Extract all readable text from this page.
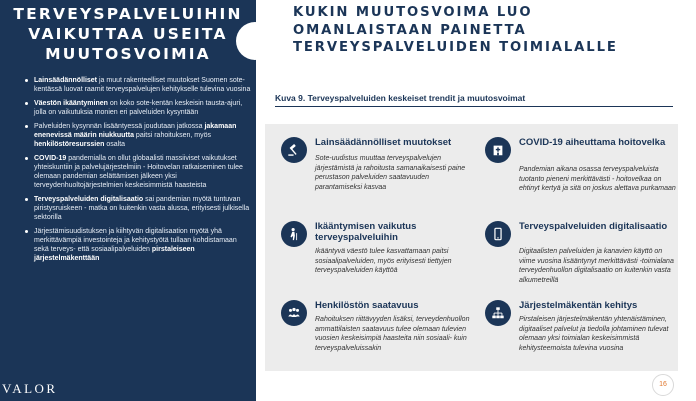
TERVEYSPALVELUIHIN
VAIKUTTAA USEITA
MUUTOSVOIMIA
Lainsäädännölliset ja muut rakenteelliset muutokset Suomen sote-kentässä luovat raamit terveyspalvelujen kehitykselle tulevina vuosina
Väestön ikääntyminen on koko sote-kentän keskeisin tausta-ajuri, jolla on vaikutuksia monien eri palveluiden kysyntään
Palveluiden kysynnän lisääntyessä joudutaan jatkossa jakamaan enenevissä määrin niukkuutta paitsi rahoituksen, myös henkilöstöresurssien osalta
COVID-19 pandemialla on ollut globaalisti massiiviset vaikutukset yhteiskuntiin ja palvelujärjestelmiin - Hoitovelan ratkaiseminen tulee olemaan pandemian selättämisen jälkeen yksi terveydenhuoltojärjestelmien keskeisimmistä haasteista
Terveyspalveluiden digitalisaatio sai pandemian myötä tuntuvan piristysruiskeen - matka on kuitenkin vasta alussa, erityisesti julkisella sektorilla
Järjestämisuudistuksen ja kiihtyvän digitalisaation myötä yhä merkittävämpiä investointeja ja kehitystyötä tullaan kohdistamaan sekä terveys- että sosiaalipalveluiden pirstaleiseen järjestelmäkenttään
VALOR
KUKIN MUUTOSVOIMA LUO
OMANLAISTAAN PAINETTA
TERVEYSPALVELUIDEN TOIMIALALLE
Kuva 9. Terveyspalveluiden keskeiset trendit ja muutosvoimat
Lainsäädännölliset muutokset
Sote-uudistus muuttaa terveyspalvelujen järjestämistä ja rahoitusta samanaikaisesti paine perustason palveluiden saatavuuden parantamiseksi kasvaa
COVID-19 aiheuttama hoitovelka
Pandemian aikana osassa terveyspalveluista tuotanto pieneni merkittävästi - hoitovelkaa on ehtinyt kertyä ja sitä on joskus alettava purkamaan
Ikääntymisen vaikutus terveyspalveluihin
Ikääntyvä väestö tulee kasvattamaan paitsi sosiaalipalveluiden, myös erityisesti tiettyjen terveyspalveluiden käyttöä
Terveyspalveluiden digitalisaatio
Digitaalisten palveluiden ja kanavien käyttö on viime vuosina lisääntynyt merkittävästi -toimialana terveydenhuollon digitalisaatio on kuitenkin vasta alkumetreillä
Henkilöstön saatavuus
Rahoituksen riittävyyden lisäksi, terveydenhuollon ammattilaisten saatavuus tulee olemaan tulevien vuosien keskeisimpiä haasteita niin sosiaali- kuin terveyspalveluissakin
Järjestelmäkentän kehitys
Pirstaleisen järjestelmäkentän yhtenäistäminen, digitaaliset palvelut ja tiedolla johtaminen tulevat olemaan yksi toimialan keskeisimmistä kehitysteemoista tulevina vuosina
16
